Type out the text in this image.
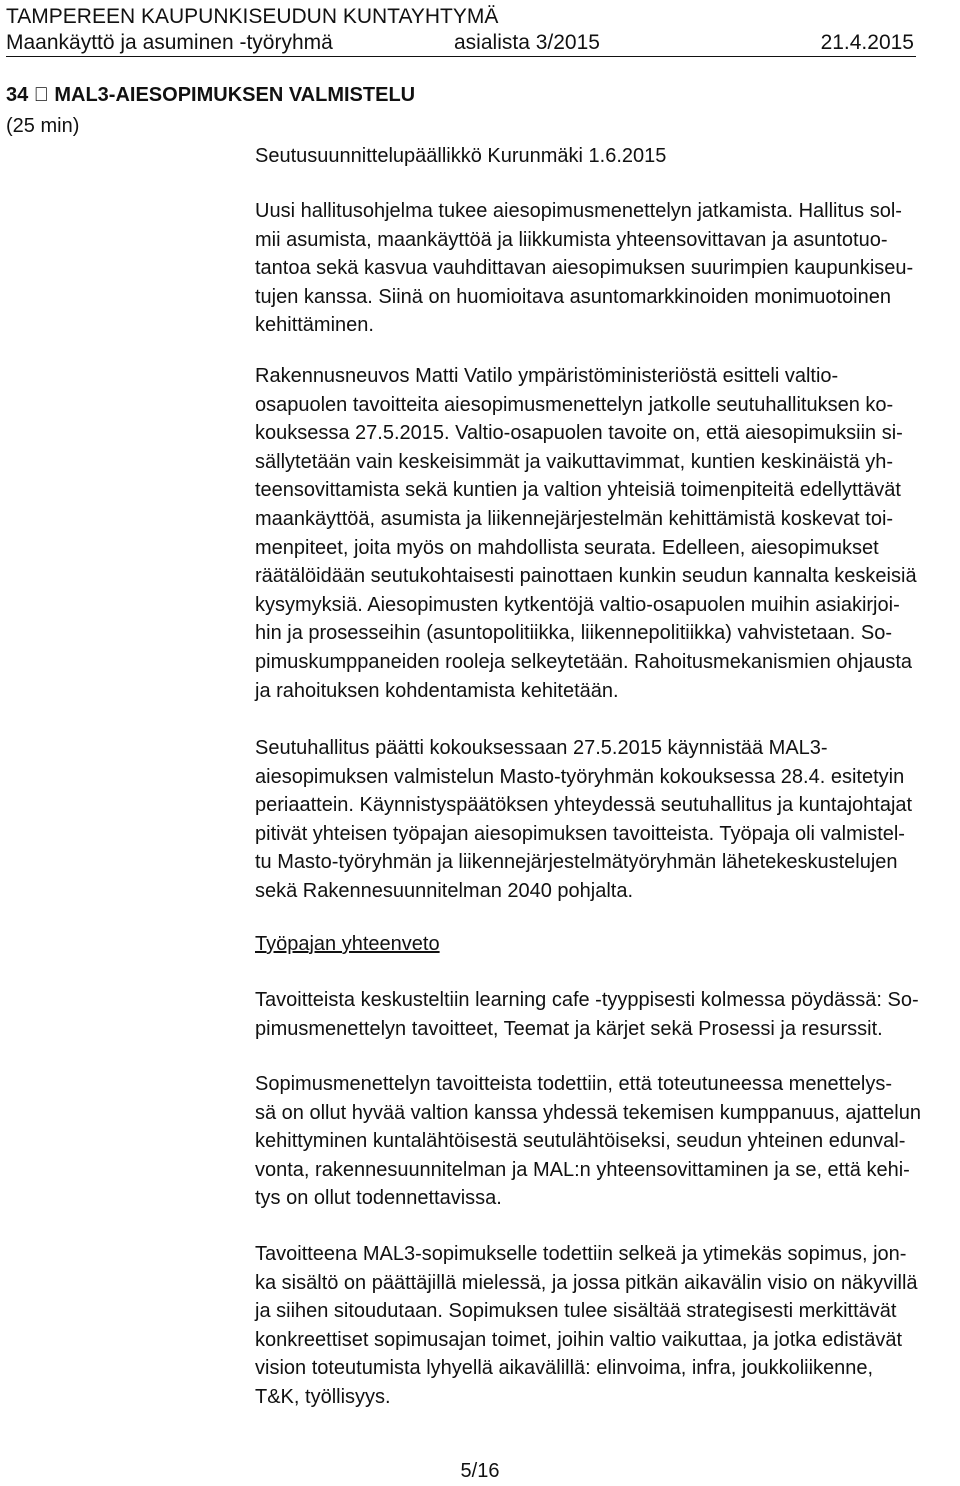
TAMPEREEN KAUPUNKISEUDUN KUNTAYHTYMÄ
Maankäyttö ja asuminen -työryhmä	asialista 3/2015	21.4.2015
34 MAL3-AIESOPIMUKSEN VALMISTELU
(25 min)
Seutusuunnittelupäällikkö Kurunmäki 1.6.2015

Uusi hallitusohjelma tukee aiesopimusmenettelyn jatkamista. Hallitus sol-
mii asumista, maankäyttöä ja liikkumista yhteensovittavan ja asuntotuo-
tantoa sekä kasvua vauhdittavan aiesopimuksen suurimpien kaupunkiseu-
tujen kanssa. Siinä on huomioitava asuntomarkkinoiden monimuotoinen
kehittäminen.

Rakennusneuvos Matti Vatilo ympäristöministeriöstä esitteli valtio-
osapuolen tavoitteita aiesopimusmenettelyn jatkolle seutuhallituksen ko-
kouksessa 27.5.2015. Valtio-osapuolen tavoite on, että aiesopimuksiin si-
sällytetään vain keskeisimmät ja vaikuttavimmat, kuntien keskinäistä yh-
teensovittamista sekä kuntien ja valtion yhteisiä toimenpiteitä edellyttävät
maankäyttöä, asumista ja liikennejärjestelmän kehittämistä koskevat toi-
menpiteet, joita myös on mahdollista seurata. Edelleen, aiesopimukset
räätälöidään seutukohtaisesti painottaen kunkin seudun kannalta keskeisiä
kysymyksiä. Aiesopimusten kytkentöjä valtio-osapuolen muihin asiakirjoi-
hin ja prosesseihin (asuntopolitiikka, liikennepolitiikka) vahvistetaan. So-
pimuskumppaneiden rooleja selkeytetään. Rahoitusmekanismien ohjausta
ja rahoituksen kohdentamista kehitetään.

Seutuhallitus päätti kokouksessaan 27.5.2015 käynnistää MAL3-
aiesopimuksen valmistelun Masto-työryhmän kokouksessa 28.4. esitetyin
periaattein. Käynnistyspäätöksen yhteydessä seutuhallitus ja kuntajohtajat
pitivät yhteisen työpajan aiesopimuksen tavoitteista. Työpaja oli valmistel-
tu Masto-työryhmän ja liikennejärjestelmätyöryhmän lähetekeskustelujen
sekä Rakennesuunnitelman 2040 pohjalta.

Työpajan yhteenveto

Tavoitteista keskusteltiin learning cafe -tyyppisesti kolmessa pöydässä: So-
pimusmenettelyn tavoitteet, Teemat ja kärjet sekä Prosessi ja resurssit.

Sopimusmenettelyn tavoitteista todettiin, että toteutuneessa menettelys-
sä on ollut hyvää valtion kanssa yhdessä tekemisen kumppanuus, ajattelun
kehittyminen kuntalähtöisestä seutulähtöiseksi, seudun yhteinen edunval-
vonta, rakennesuunnitelman ja MAL:n yhteensovittaminen ja se, että kehi-
tys on ollut todennettavissa.

Tavoitteena MAL3-sopimukselle todettiin selkeä ja ytimekäs sopimus, jon-
ka sisältö on päättäjillä mielessä, ja jossa pitkän aikavälin visio on näkyvillä
ja siihen sitoudutaan. Sopimuksen tulee sisältää strategisesti merkittävät
konkreettiset sopimusajan toimet, joihin valtio vaikuttaa, ja jotka edistävät
vision toteutumista lyhyellä aikavälillä: elinvoima, infra, joukkoliikenne,
T&K, työllisyys.

5/16
